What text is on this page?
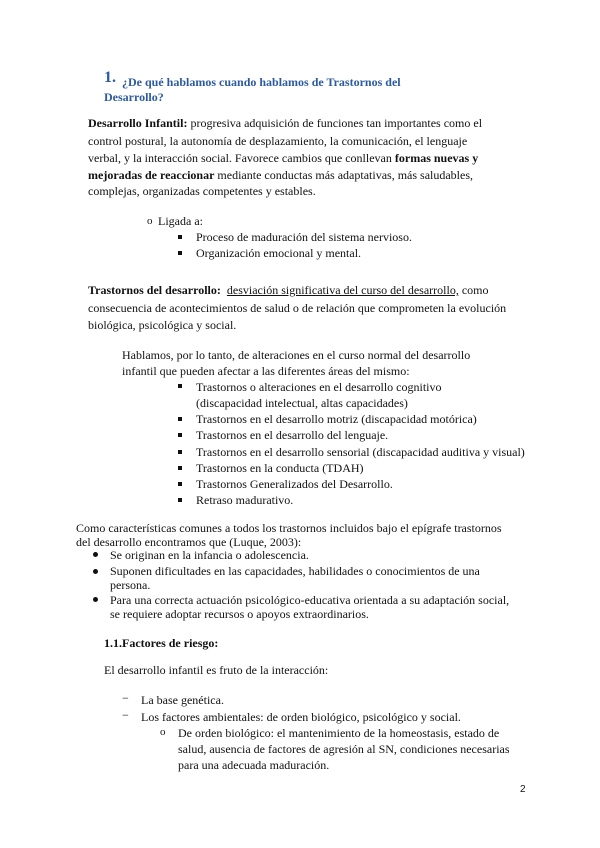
1. ¿De qué hablamos cuando hablamos de Trastornos del
Desarrollo?
Desarrollo Infantil: progresiva adquisición de funciones tan importantes como el
control postural, la autonomía de desplazamiento, la comunicación, el lenguaje
verbal, y la interacción social. Favorece cambios que conllevan formas nuevas y
mejoradas de reaccionar mediante conductas más adaptativas, más saludables,
complejas, organizadas competentes y estables.
o Ligada a:
Proceso de maduración del sistema nervioso.
Organización emocional y mental.
Trastornos del desarrollo: desviación significativa del curso del desarrollo, como
consecuencia de acontecimientos de salud o de relación que comprometen la evolución
biológica, psicológica y social.
Hablamos, por lo tanto, de alteraciones en el curso normal del desarrollo
infantil que pueden afectar a las diferentes áreas del mismo:
Trastornos o alteraciones en el desarrollo cognitivo
(discapacidad intelectual, altas capacidades)
Trastornos en el desarrollo motriz (discapacidad motórica)
Trastornos en el desarrollo del lenguaje.
Trastornos en el desarrollo sensorial (discapacidad auditiva y visual)
Trastornos en la conducta (TDAH)
Trastornos Generalizados del Desarrollo.
Retraso madurativo.
Como características comunes a todos los trastornos incluidos bajo el epígrafe trastornos
del desarrollo encontramos que (Luque, 2003):
Se originan en la infancia o adolescencia.
Suponen dificultades en las capacidades, habilidades o conocimientos de una
persona.
Para una correcta actuación psicológico-educativa orientada a su adaptación social,
se requiere adoptar recursos o apoyos extraordinarios.
1.1.Factores de riesgo:
El desarrollo infantil es fruto de la interacción:
− La base genética.
− Los factores ambientales: de orden biológico, psicológico y social.
o De orden biológico: el mantenimiento de la homeostasis, estado de
salud, ausencia de factores de agresión al SN, condiciones necesarias
para una adecuada maduración.
2
